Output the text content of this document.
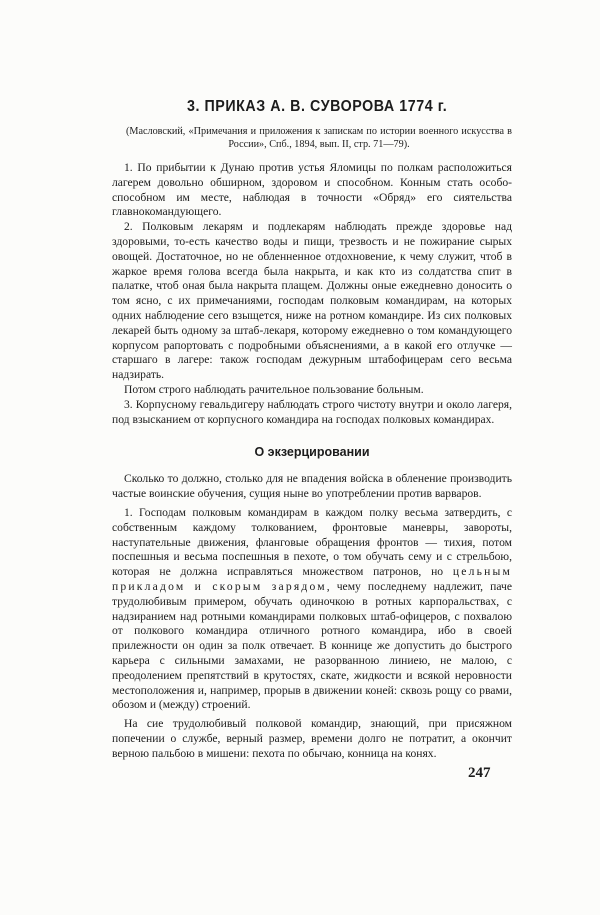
3. ПРИКАЗ А. В. СУВОРОВА 1774 г.
(Масловский, «Примечания и приложения к запискам по истории военного искусства в России», Спб., 1894, вып. II, стр. 71—79).

1. По прибытии к Дунаю против устья Яломицы по полкам расположиться лагерем довольно обширном, здоровом и способном. Конным стать особо-способном им месте, наблюдая в точности «Обряд» его сиятельства главнокомандующего.

2. Полковым лекарям и подлекарям наблюдать прежде здоровье над здоровыми, то-есть качество воды и пищи, трезвость и не пожирание сырых овощей. Достаточное, но не обленненное отдохновение, к чему служит, чтоб в жаркое время голова всегда была накрыта, и как кто из солдатства спит в палатке, чтоб оная была накрыта плащем. Должны оные ежедневно доносить о том ясно, с их примечаниями, господам полковым командирам, на которых одних наблюдение сего взыщется, ниже на ротном командире. Из сих полковых лекарей быть одному за штаб-лекаря, которому ежедневно о том командующего корпусом рапортовать с подробными объяснениями, а в какой его отлучке — старшаго в лагере: також господам дежурным штабофицерам сего весьма надзирать.

Потом строго наблюдать рачительное пользование больным.

3. Корпусному гевальдигеру наблюдать строго чистоту внутри и около лагеря, под взысканием от корпусного командира на господах полковых командирах.

О экзерцировании

Сколько то должно, столько для не впадения войска в обленение производить частые воинские обучения, сущия ныне во употреблении против варваров.

1. Господам полковым командирам в каждом полку весьма затвердить, с собственным каждому толкованием, фронтовые маневры, завороты, наступательные движения, фланговые обращения фронтов — тихия, потом поспешныя и весьма поспешныя в пехоте, о том обучать сему и с стрельбою, которая не должна исправляться множеством патронов, но цельным прикладом и скорым зарядом, чему последнему надлежит, паче трудолюбивым примером, обучать одиночкою в ротных карпоральствах, с надзиранием над ротными командирами полковых штаб-офицеров, с похвалою от полкового командира отличного ротного командира, ибо в своей прилежности он один за полк отвечает. В коннице же допустить до быстрого карьера с сильными замахами, не разорванною линиею, не малою, с преодолением препятствий в крутостях, скате, жидкости и всякой неровности местоположения и, например, прорыв в движении коней: сквозь рощу со рвами, обозом и (между) строений.

На сие трудолюбивый полковой командир, знающий, при присяжном попечении о службе, верный размер, времени долго не потратит, а окончит верною пальбою в мишени: пехота по обычаю, конница на конях.

247
